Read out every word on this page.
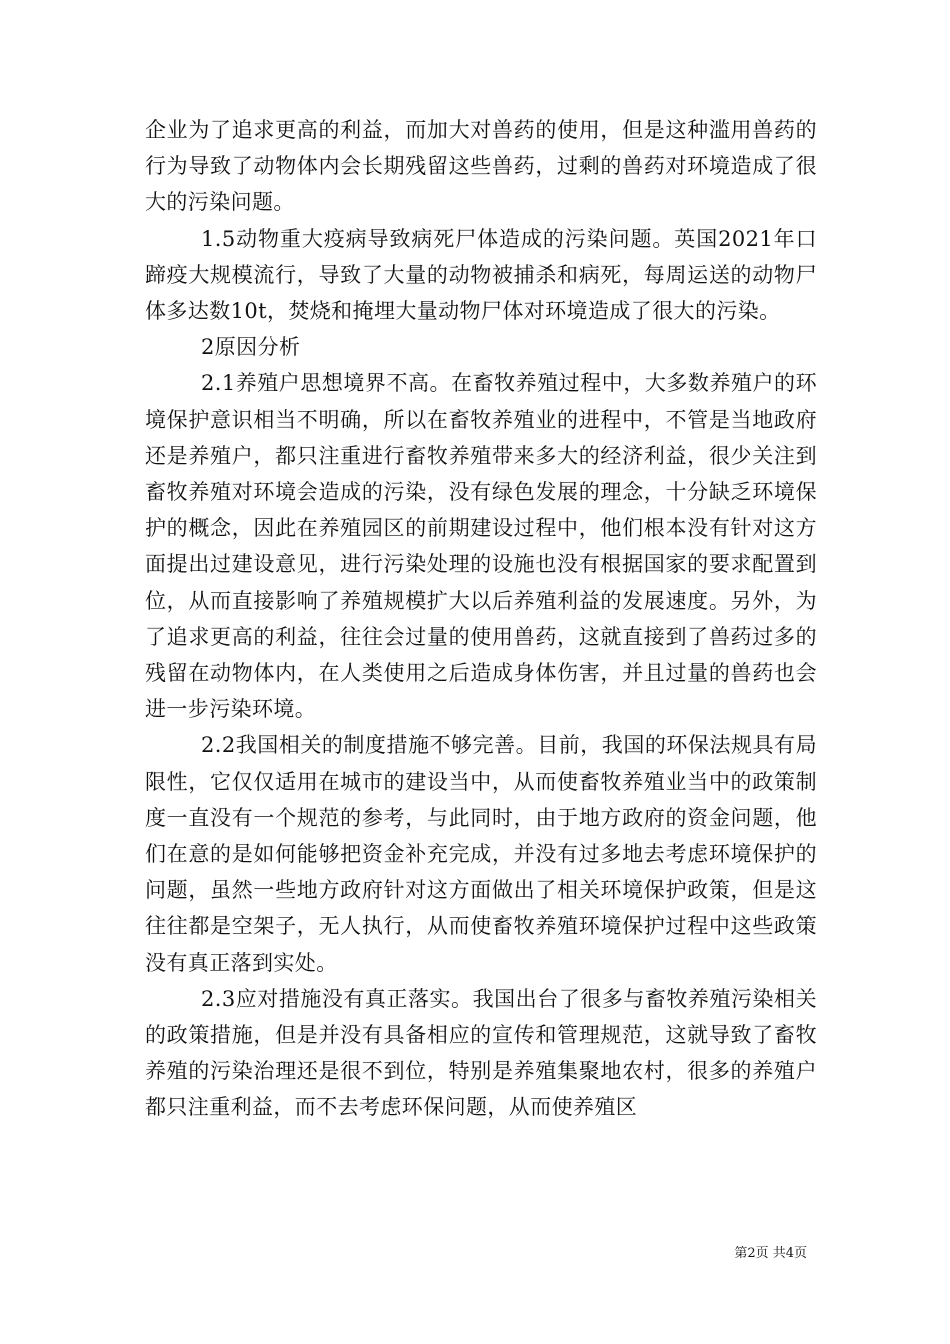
企业为了追求更高的利益，而加大对兽药的使用，但是这种滥用兽药的行为导致了动物体内会长期残留这些兽药，过剩的兽药对环境造成了很大的污染问题。

1.5动物重大疫病导致病死尸体造成的污染问题。英国2021年口蹄疫大规模流行，导致了大量的动物被捕杀和病死，每周运送的动物尸体多达数10t，焚烧和掩埋大量动物尸体对环境造成了很大的污染。

2原因分析

2.1养殖户思想境界不高。在畜牧养殖过程中，大多数养殖户的环境保护意识相当不明确，所以在畜牧养殖业的进程中，不管是当地政府还是养殖户，都只注重进行畜牧养殖带来多大的经济利益，很少关注到畜牧养殖对环境会造成的污染，没有绿色发展的理念，十分缺乏环境保护的概念，因此在养殖园区的前期建设过程中，他们根本没有针对这方面提出过建设意见，进行污染处理的设施也没有根据国家的要求配置到位，从而直接影响了养殖规模扩大以后养殖利益的发展速度。另外，为了追求更高的利益，往往会过量的使用兽药，这就直接到了兽药过多的残留在动物体内，在人类使用之后造成身体伤害，并且过量的兽药也会进一步污染环境。

2.2我国相关的制度措施不够完善。目前，我国的环保法规具有局限性，它仅仅适用在城市的建设当中，从而使畜牧养殖业当中的政策制度一直没有一个规范的参考，与此同时，由于地方政府的资金问题，他们在意的是如何能够把资金补充完成，并没有过多地去考虑环境保护的问题，虽然一些地方政府针对这方面做出了相关环境保护政策，但是这往往都是空架子，无人执行，从而使畜牧养殖环境保护过程中这些政策没有真正落到实处。

2.3应对措施没有真正落实。我国出台了很多与畜牧养殖污染相关的政策措施，但是并没有具备相应的宣传和管理规范，这就导致了畜牧养殖的污染治理还是很不到位，特别是养殖集聚地农村，很多的养殖户都只注重利益，而不去考虑环保问题，从而使养殖区

第2页 共4页
